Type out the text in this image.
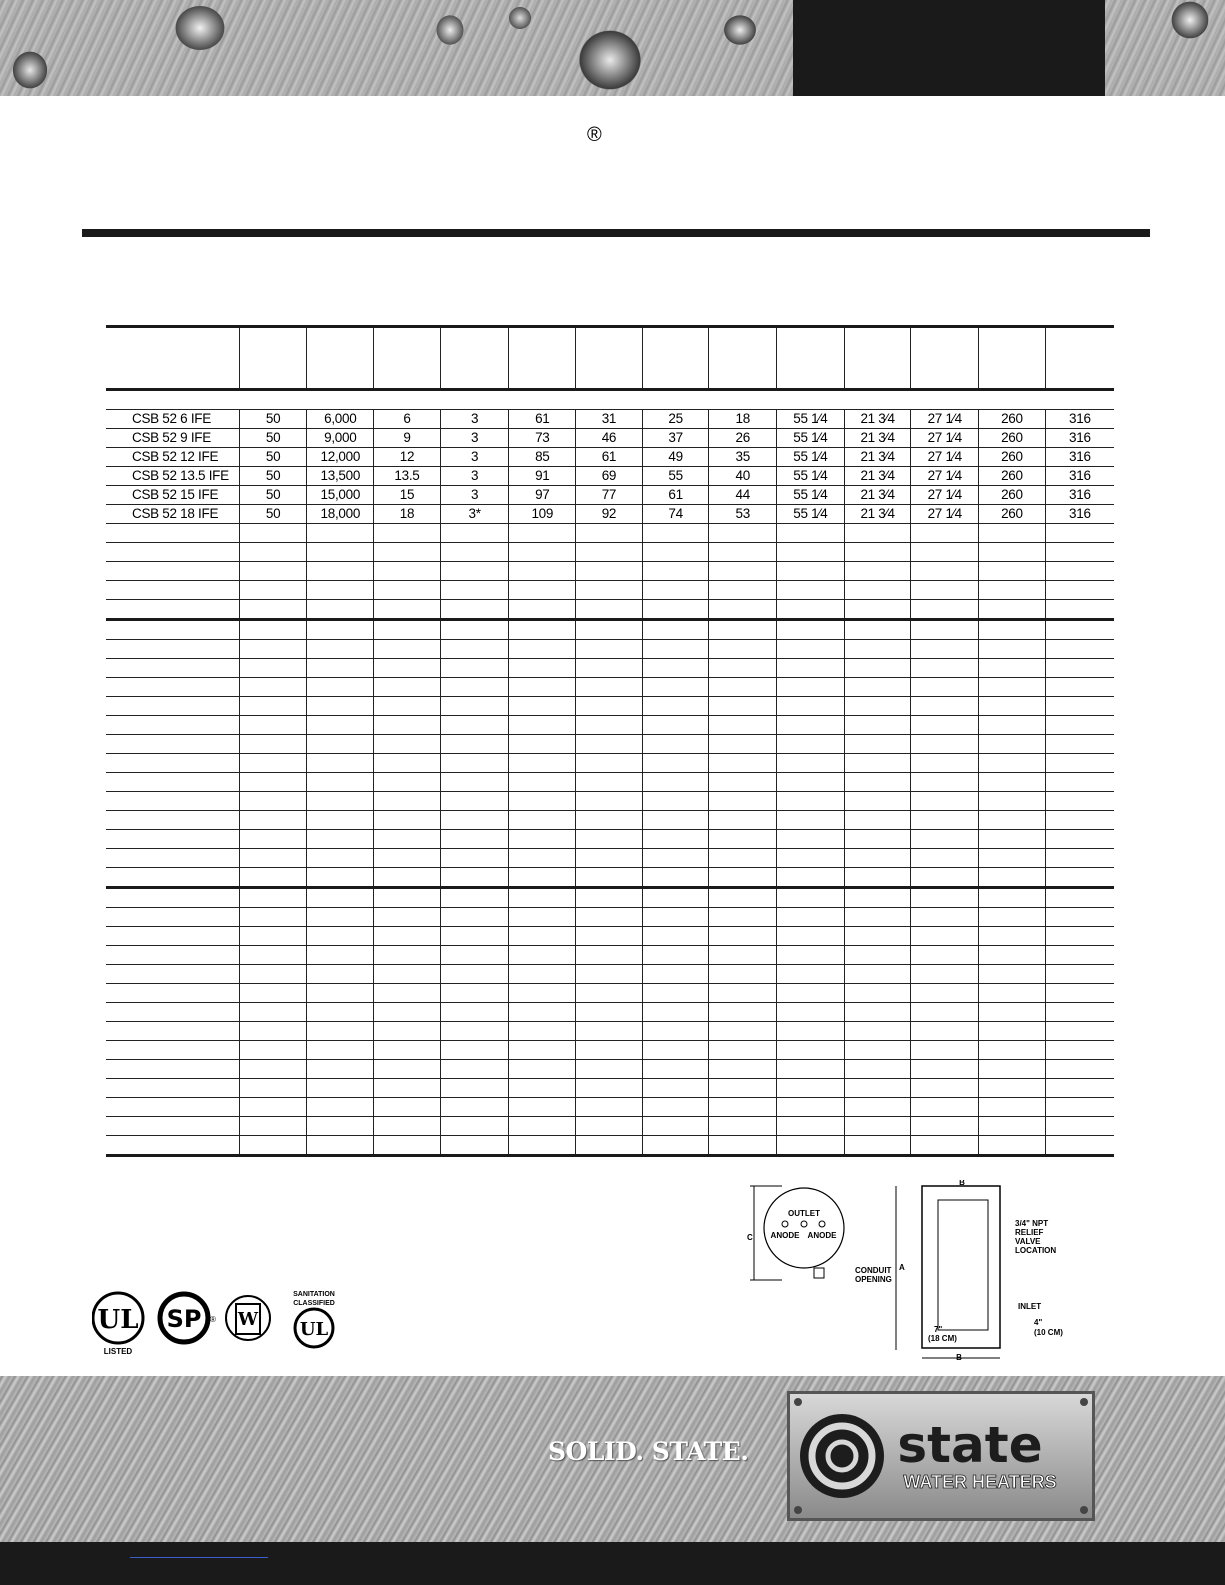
®

CSB 52 6 IFE	50	6,000	6	3	61	31	25	18	55 1⁄4	21 3⁄4	27 1⁄4	260	316
CSB 52 9 IFE	50	9,000	9	3	73	46	37	26	55 1⁄4	21 3⁄4	27 1⁄4	260	316
CSB 52 12 IFE	50	12,000	12	3	85	61	49	35	55 1⁄4	21 3⁄4	27 1⁄4	260	316
CSB 52 13.5 IFE	50	13,500	13.5	3	91	69	55	40	55 1⁄4	21 3⁄4	27 1⁄4	260	316
CSB 52 15 IFE	50	15,000	15	3	97	77	61	44	55 1⁄4	21 3⁄4	27 1⁄4	260	316
CSB 52 18 IFE	50	18,000	18	3*	109	92	74	53	55 1⁄4	21 3⁄4	27 1⁄4	260	316

UL
LISTED
SP ® W
SANITATION
CLASSIFIED
UL
C
OUTLET
ANODE ANODE
CONDUIT
OPENING
A
B
B
3/4" NPT
RELIEF
VALVE
LOCATION
INLET
4"
(10 CM)
7"
(18 CM)
SOLID. STATE.	state
WATER HEATERS
